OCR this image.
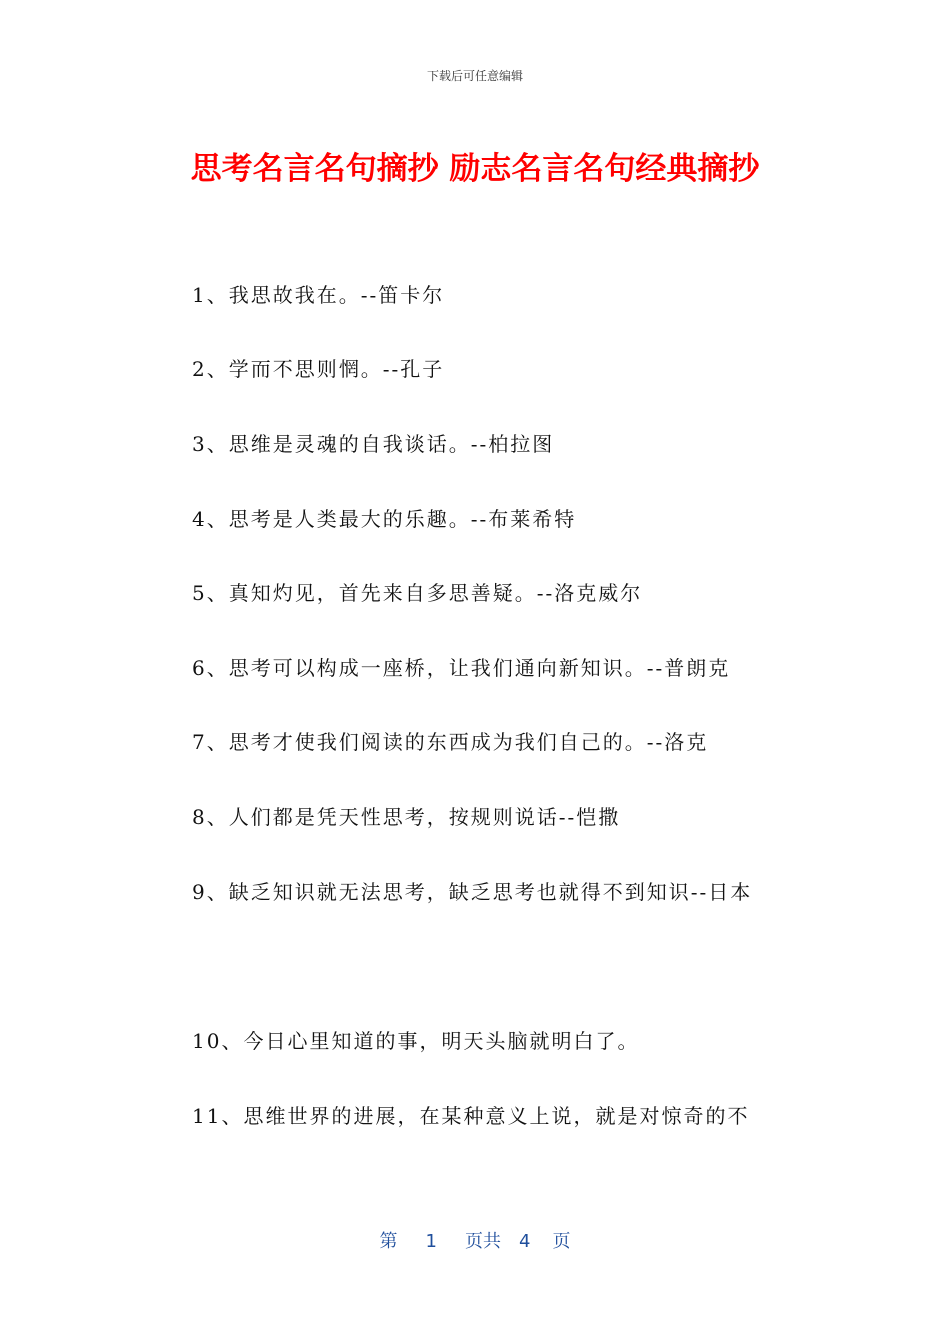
下载后可任意编辑
思考名言名句摘抄 励志名言名句经典摘抄
1、我思故我在。--笛卡尔
2、学而不思则惘。--孔子
3、思维是灵魂的自我谈话。--柏拉图
4、思考是人类最大的乐趣。--布莱希特
5、真知灼见，首先来自多思善疑。--洛克威尔
6、思考可以构成一座桥，让我们通向新知识。--普朗克
7、思考才使我们阅读的东西成为我们自己的。--洛克
8、人们都是凭天性思考，按规则说话--恺撒
9、缺乏知识就无法思考，缺乏思考也就得不到知识--日本
10、今日心里知道的事，明天头脑就明白了。
11、思维世界的进展，在某种意义上说，就是对惊奇的不
第 1 页共 4 页
